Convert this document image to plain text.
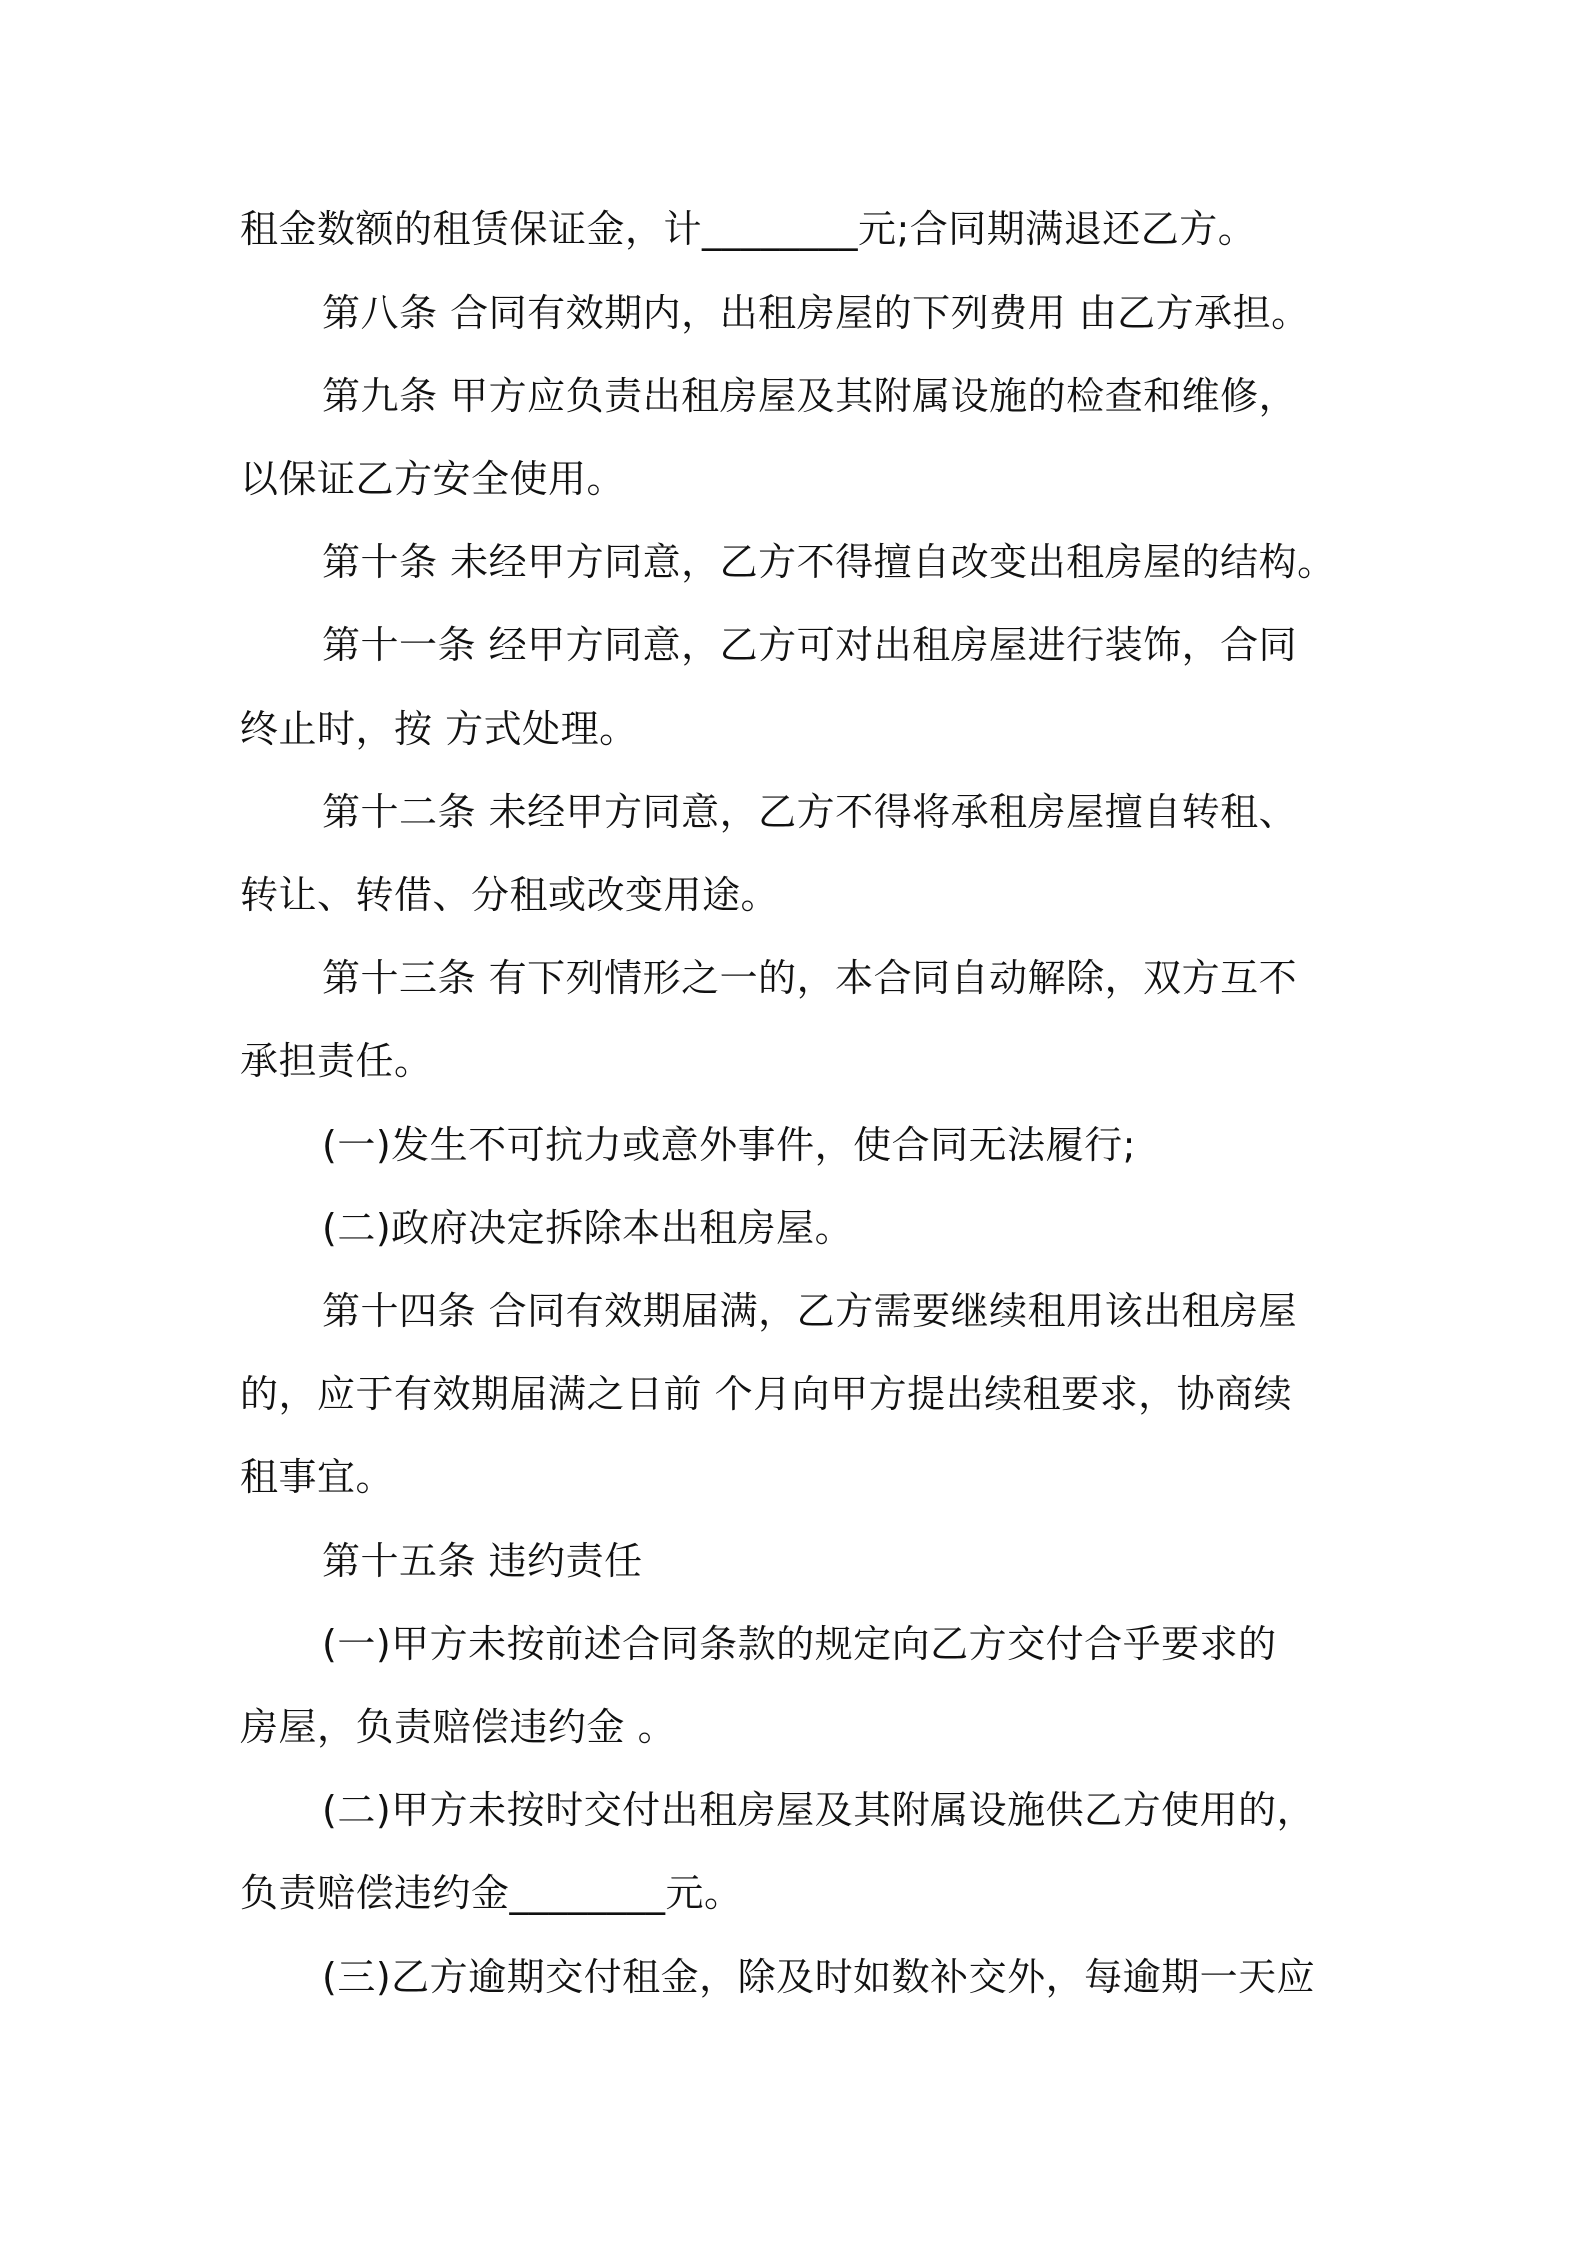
租金数额的租赁保证金，计________元;合同期满退还乙方。
第八条 合同有效期内，出租房屋的下列费用 由乙方承担。
第九条 甲方应负责出租房屋及其附属设施的检查和维修，
以保证乙方安全使用。
第十条 未经甲方同意，乙方不得擅自改变出租房屋的结构。
第十一条 经甲方同意，乙方可对出租房屋进行装饰，合同
终止时，按 方式处理。
第十二条 未经甲方同意，乙方不得将承租房屋擅自转租、
转让、转借、分租或改变用途。
第十三条 有下列情形之一的，本合同自动解除，双方互不
承担责任。
(一)发生不可抗力或意外事件，使合同无法履行;
(二)政府决定拆除本出租房屋。
第十四条 合同有效期届满，乙方需要继续租用该出租房屋
的，应于有效期届满之日前 个月向甲方提出续租要求，协商续
租事宜。
第十五条 违约责任
(一)甲方未按前述合同条款的规定向乙方交付合乎要求的
房屋，负责赔偿违约金 。
(二)甲方未按时交付出租房屋及其附属设施供乙方使用的，
负责赔偿违约金________元。
(三)乙方逾期交付租金，除及时如数补交外，每逾期一天应
